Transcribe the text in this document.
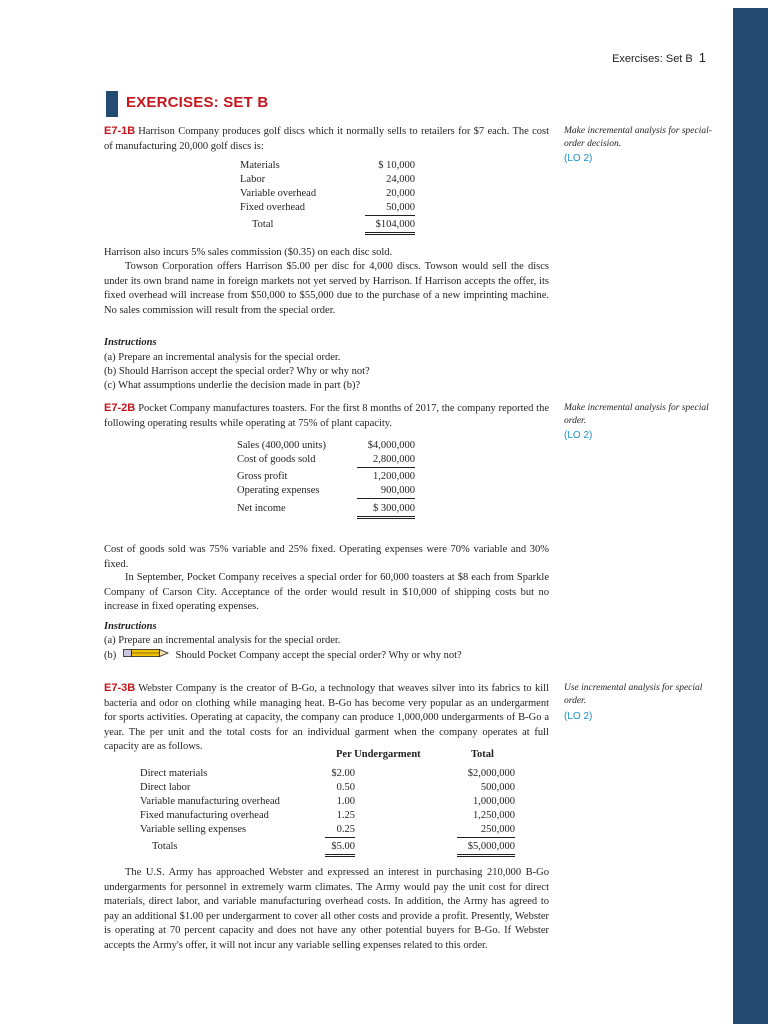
Exercises: Set B 1
EXERCISES: SET B

E7-1B Harrison Company produces golf discs which it normally sells to retailers for $7 each. The cost of manufacturing 20,000 golf discs is:

Make incremental analysis for special-order decision.
(LO 2)
Materials	$ 10,000
Labor	24,000
Variable overhead	20,000
Fixed overhead	50,000
Total	$104,000

Harrison also incurs 5% sales commission ($0.35) on each disc sold.

Towson Corporation offers Harrison $5.00 per disc for 4,000 discs. Towson would sell the discs under its own brand name in foreign markets not yet served by Harrison. If Harrison accepts the offer, its fixed overhead will increase from $50,000 to $55,000 due to the purchase of a new imprinting machine. No sales commission will result from the special order.

Instructions
(a) Prepare an incremental analysis for the special order.
(b) Should Harrison accept the special order? Why or why not?
(c) What assumptions underlie the decision made in part (b)?

E7-2B Pocket Company manufactures toasters. For the first 8 months of 2017, the company reported the following operating results while operating at 75% of plant capacity.

Make incremental analysis for special order.
(LO 2)
Sales (400,000 units)	$4,000,000
Cost of goods sold	2,800,000
Gross profit	1,200,000
Operating expenses	900,000
Net income	$ 300,000

Cost of goods sold was 75% variable and 25% fixed. Operating expenses were 70% variable and 30% fixed.

In September, Pocket Company receives a special order for 60,000 toasters at $8 each from Sparkle Company of Carson City. Acceptance of the order would result in $10,000 of shipping costs but no increase in fixed operating expenses.

Instructions
(a) Prepare an incremental analysis for the special order.
(b)	Should Pocket Company accept the special order? Why or why not?

E7-3B Webster Company is the creator of B-Go, a technology that weaves silver into its fabrics to kill bacteria and odor on clothing while managing heat. B-Go has become very popular as an undergarment for sports activities. Operating at capacity, the company can produce 1,000,000 undergarments of B-Go a year. The per unit and the total costs for an individual garment when the company operates at full capacity are as follows.

Use incremental analysis for special order.
(LO 2)
Per Undergarment	Total
Direct materials	$2.00	$2,000,000
Direct labor	0.50	500,000
Variable manufacturing overhead	1.00	1,000,000
Fixed manufacturing overhead	1.25	1,250,000
Variable selling expenses	0.25	250,000
Totals	$5.00	$5,000,000

The U.S. Army has approached Webster and expressed an interest in purchasing 210,000 B-Go undergarments for personnel in extremely warm climates. The Army would pay the unit cost for direct materials, direct labor, and variable manufacturing overhead costs. In addition, the Army has agreed to pay an additional $1.00 per undergarment to cover all other costs and provide a profit. Presently, Webster is operating at 70 percent capacity and does not have any other potential buyers for B-Go. If Webster accepts the Army's offer, it will not incur any variable selling expenses related to this order.
